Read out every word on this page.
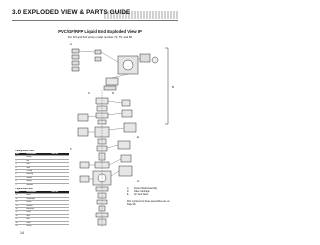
3.0 EXPLODED VIEW & PARTS GUIDE
A
B
C	D
E
F
G
PVC/GF/RFP Liquid End Exploded View IP
For 6/4 and 6/4 pump model number 70, 75, and 80
Fitting/Valve Parts		
Item	Description	Part No.
1	Fitting	
2	Nut	
3	Ball	
4	Seat	
5	O-Ring	
6	Housing	
7	Gasket	
8	Spring	
9	Retainer	
Liquid End Parts		
Item	Description	Part No.
10	Head	
11	Diaphragm	
12	Screw	
13	Washer	
14	Backplate	
15	Insert	
16	Seal	
17	Bolt	
18	Valve	
19	Fitting	
C Footer Shaft Assembly
D Valve Cartridge
E Air Vent Valve
Part numbers for these assemblies are on Page 96
14
